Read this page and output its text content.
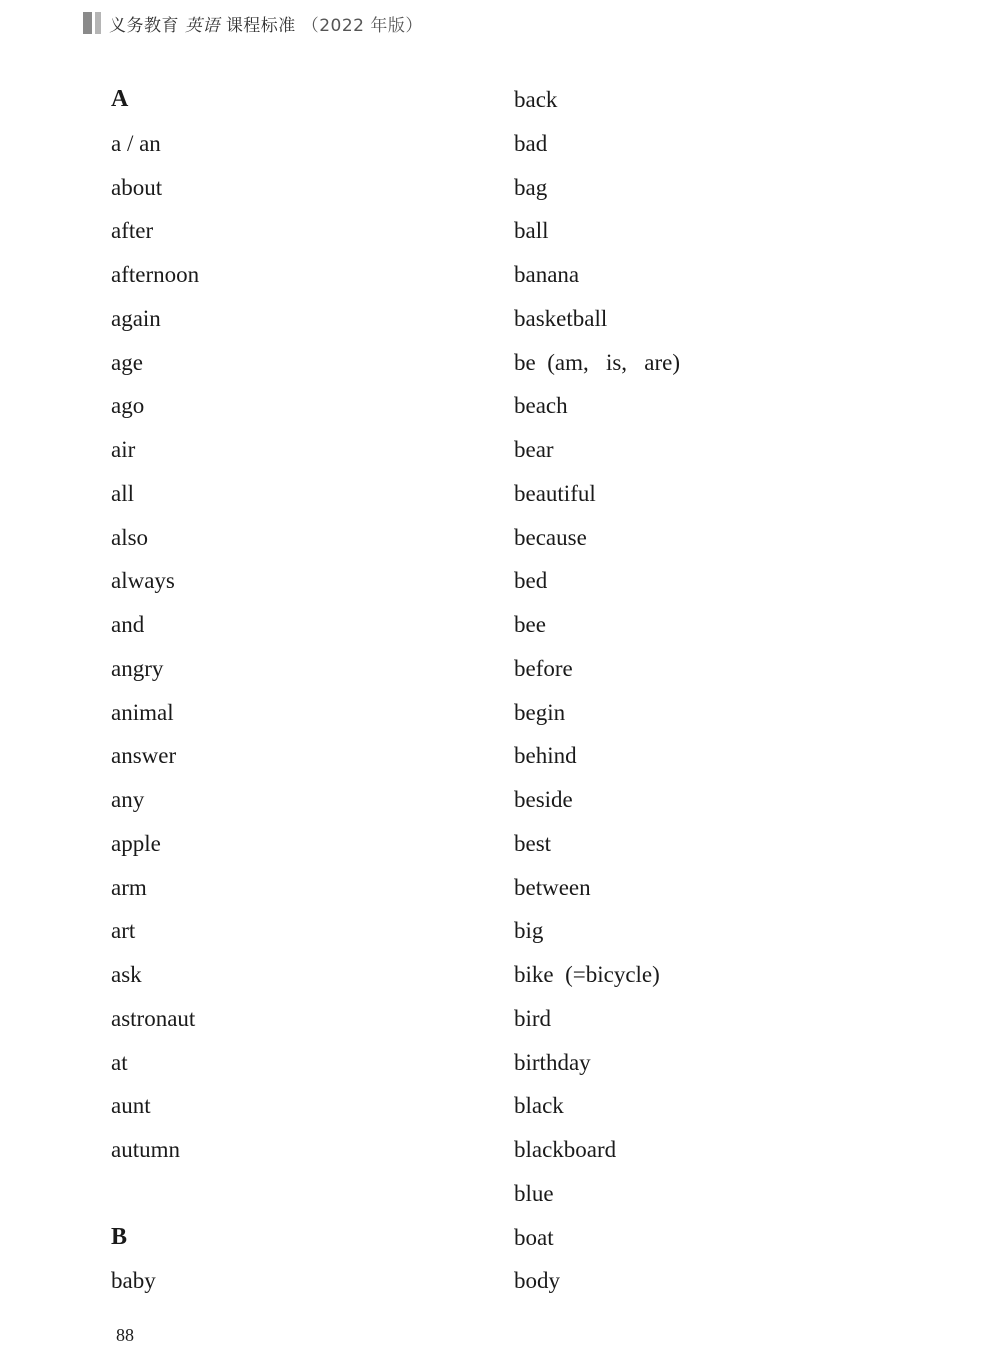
义务教育 英语 课程标准 （2022 年版）
A
a / an
about
after
afternoon
again
age
ago
air
all
also
always
and
angry
animal
answer
any
apple
arm
art
ask
astronaut
at
aunt
autumn
B
baby
back
bad
bag
ball
banana
basketball
be  (am,   is,   are)
beach
bear
beautiful
because
bed
bee
before
begin
behind
beside
best
between
big
bike  (=bicycle)
bird
birthday
black
blackboard
blue
boat
body
88
